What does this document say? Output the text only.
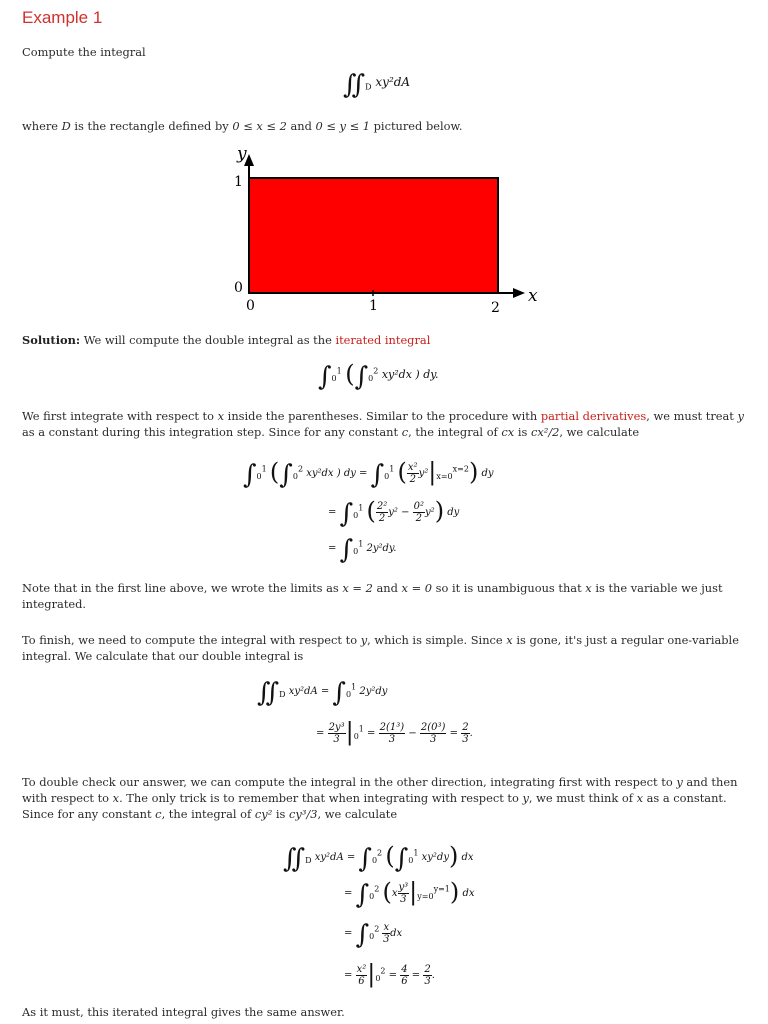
Example 1
Compute the integral
$∬_D$ xy²dA
where D is the rectangle defined by 0 ≤ x ≤ 2 and 0 ≤ y ≤ 1 pictured below.
x
y
0	1	2
0
1
Solution: We will compute the double integral as the iterated integral
$\int_0^1$ ($\int_0^2$ xy²dx ) dy.
We first integrate with respect to x inside the parentheses. Similar to the procedure with partial derivatives, we must treat y as a constant during this integration step. Since for any constant c, the integral of cx is cx²/2, we calculate
$\int_0^1$ ($\int_0^2$ xy²dx ) dy = $\int_0^1$ ( $\frac{\text{x²}}{2} y^2|_{x=0}^{x=2}$) dy
= $\int_0^1$ ( $\frac{\text{2²}}{2} y^2 - \frac{\text{0²}}{2} y^2$) dy
= $\int_0^1$ 2y²dy.
Note that in the first line above, we wrote the limits as x = 2 and x = 0 so it is unambiguous that x is the variable we just integrated.
To finish, we need to compute the integral with respect to y, which is simple. Since x is gone, it's just a regular one-variable integral. We calculate that our double integral is
$∬_D$ $xy^2dA = \int_0^1$ 2y²dy
= $\frac{\text{2y³}}{3} |_0^1 = \frac{\text{2(1³)}}{3} - \frac{\text{2(0³)}}{3} = \frac{2}{3}$ .
To double check our answer, we can compute the integral in the other direction, integrating first with respect to y and then with respect to x. The only trick is to remember that when integrating with respect to y, we must think of x as a constant. Since for any constant c, the integral of cy² is cy³/3, we calculate
$∬_D$ $xy^2dA = \int_0^2$ ($\int_0^1$ xy²dy) dx
= $\int_0^2$ $(x \frac{\text{y³}}{3} |_{y=0}^{y=1})$ dx
= $\int_0^2 \frac{x}{3}$ dx
= $\frac{\text{x²}}{6} |_0^2 = \frac{4}{6} = \frac{2}{3}$ .
As it must, this iterated integral gives the same answer.
